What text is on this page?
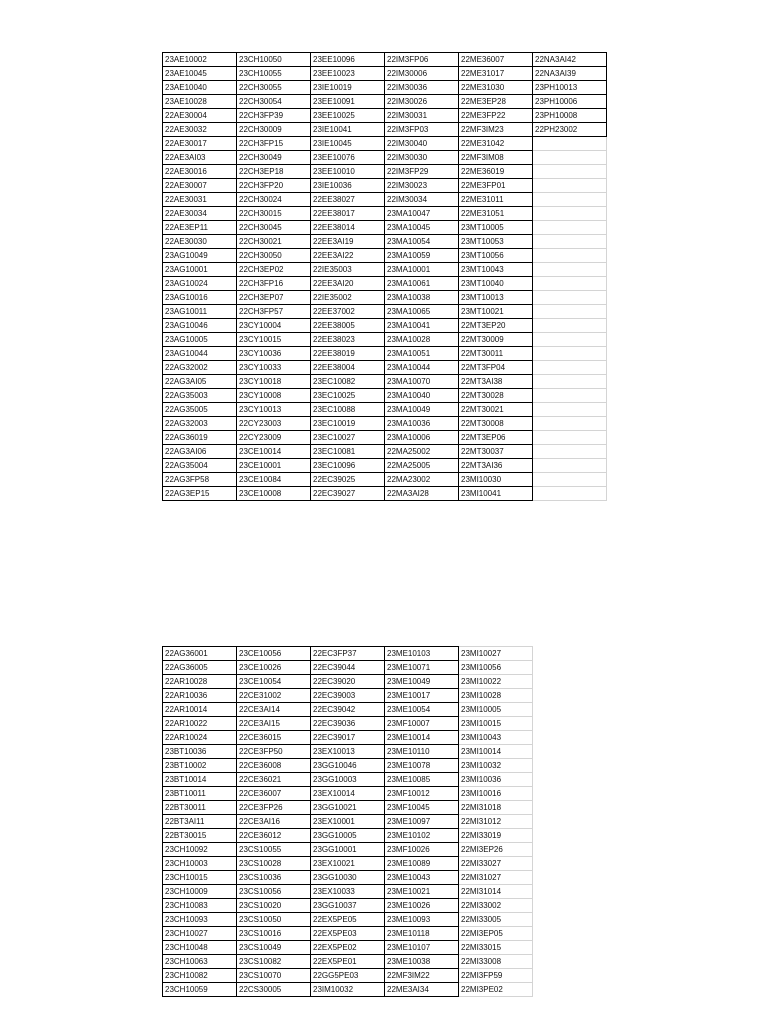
23AE10002	23CH10050	23EE10096	22IM3FP06	22ME36007	22NA3AI42
23AE10045	23CH10055	23EE10023	22IM30006	22ME31017	22NA3AI39
23AE10040	22CH30055	23IE10019	22IM30036	22ME31030	23PH10013
23AE10028	22CH30054	23EE10091	22IM30026	22ME3EP28	23PH10006
22AE30004	22CH3FP39	23EE10025	22IM30031	22ME3FP22	23PH10008
22AE30032	22CH30009	23IE10041	22IM3FP03	22MF3IM23	22PH23002
22AE30017	22CH3FP15	23IE10045	22IM30040	22ME31042	
22AE3AI03	22CH30049	23EE10076	22IM30030	22MF3IM08	
22AE30016	22CH3EP18	23EE10010	22IM3FP29	22ME36019	
22AE30007	22CH3FP20	23IE10036	22IM30023	22ME3FP01	
22AE30031	22CH30024	22EE38027	22IM30034	22ME31011	
22AE30034	22CH30015	22EE38017	23MA10047	22ME31051	
22AE3EP11	22CH30045	22EE38014	23MA10045	23MT10005	
22AE30030	22CH30021	22EE3AI19	23MA10054	23MT10053	
23AG10049	22CH30050	22EE3AI22	23MA10059	23MT10056	
23AG10001	22CH3EP02	22IE35003	23MA10001	23MT10043	
23AG10024	22CH3FP16	22EE3AI20	23MA10061	23MT10040	
23AG10016	22CH3EP07	22IE35002	23MA10038	23MT10013	
23AG10011	22CH3FP57	22EE37002	23MA10065	23MT10021	
23AG10046	23CY10004	22EE38005	23MA10041	22MT3EP20	
23AG10005	23CY10015	22EE38023	23MA10028	22MT30009	
23AG10044	23CY10036	22EE38019	23MA10051	22MT30011	
22AG32002	23CY10033	22EE38004	23MA10044	22MT3FP04	
22AG3AI05	23CY10018	23EC10082	23MA10070	22MT3AI38	
22AG35003	23CY10008	23EC10025	23MA10040	22MT30028	
22AG35005	23CY10013	23EC10088	23MA10049	22MT30021	
22AG32003	22CY23003	23EC10019	23MA10036	22MT30008	
22AG36019	22CY23009	23EC10027	23MA10006	22MT3EP06	
22AG3AI06	23CE10014	23EC10081	22MA25002	22MT30037	
22AG35004	23CE10001	23EC10096	22MA25005	22MT3AI36	
22AG3FP58	23CE10084	22EC39025	22MA23002	23MI10030	
22AG3EP15	23CE10008	22EC39027	22MA3AI28	23MI10041	
22AG36001	23CE10056	22EC3FP37	23ME10103	23MI10027
22AG36005	23CE10026	22EC39044	23ME10071	23MI10056
22AR10028	23CE10054	22EC39020	23ME10049	23MI10022
22AR10036	22CE31002	22EC39003	23ME10017	23MI10028
22AR10014	22CE3AI14	22EC39042	23ME10054	23MI10005
22AR10022	22CE3AI15	22EC39036	23MF10007	23MI10015
22AR10024	22CE36015	22EC39017	23ME10014	23MI10043
23BT10036	22CE3FP50	23EX10013	23ME10110	23MI10014
23BT10002	22CE36008	23GG10046	23ME10078	23MI10032
23BT10014	22CE36021	23GG10003	23ME10085	23MI10036
23BT10011	22CE36007	23EX10014	23MF10012	23MI10016
22BT30011	22CE3FP26	23GG10021	23MF10045	22MI31018
22BT3AI11	22CE3AI16	23EX10001	23ME10097	22MI31012
22BT30015	22CE36012	23GG10005	23ME10102	22MI33019
23CH10092	23CS10055	23GG10001	23MF10026	22MI3EP26
23CH10003	23CS10028	23EX10021	23ME10089	22MI33027
23CH10015	23CS10036	23GG10030	23ME10043	22MI31027
23CH10009	23CS10056	23EX10033	23ME10021	22MI31014
23CH10083	23CS10020	23GG10037	23ME10026	22MI33002
23CH10093	23CS10050	22EX5PE05	23ME10093	22MI33005
23CH10027	23CS10016	22EX5PE03	23ME10118	22MI3EP05
23CH10048	23CS10049	22EX5PE02	23ME10107	22MI33015
23CH10063	23CS10082	22EX5PE01	23ME10038	22MI33008
23CH10082	23CS10070	22GG5PE03	22MF3IM22	22MI3FP59
23CH10059	22CS30005	23IM10032	22ME3AI34	22MI3PE02
